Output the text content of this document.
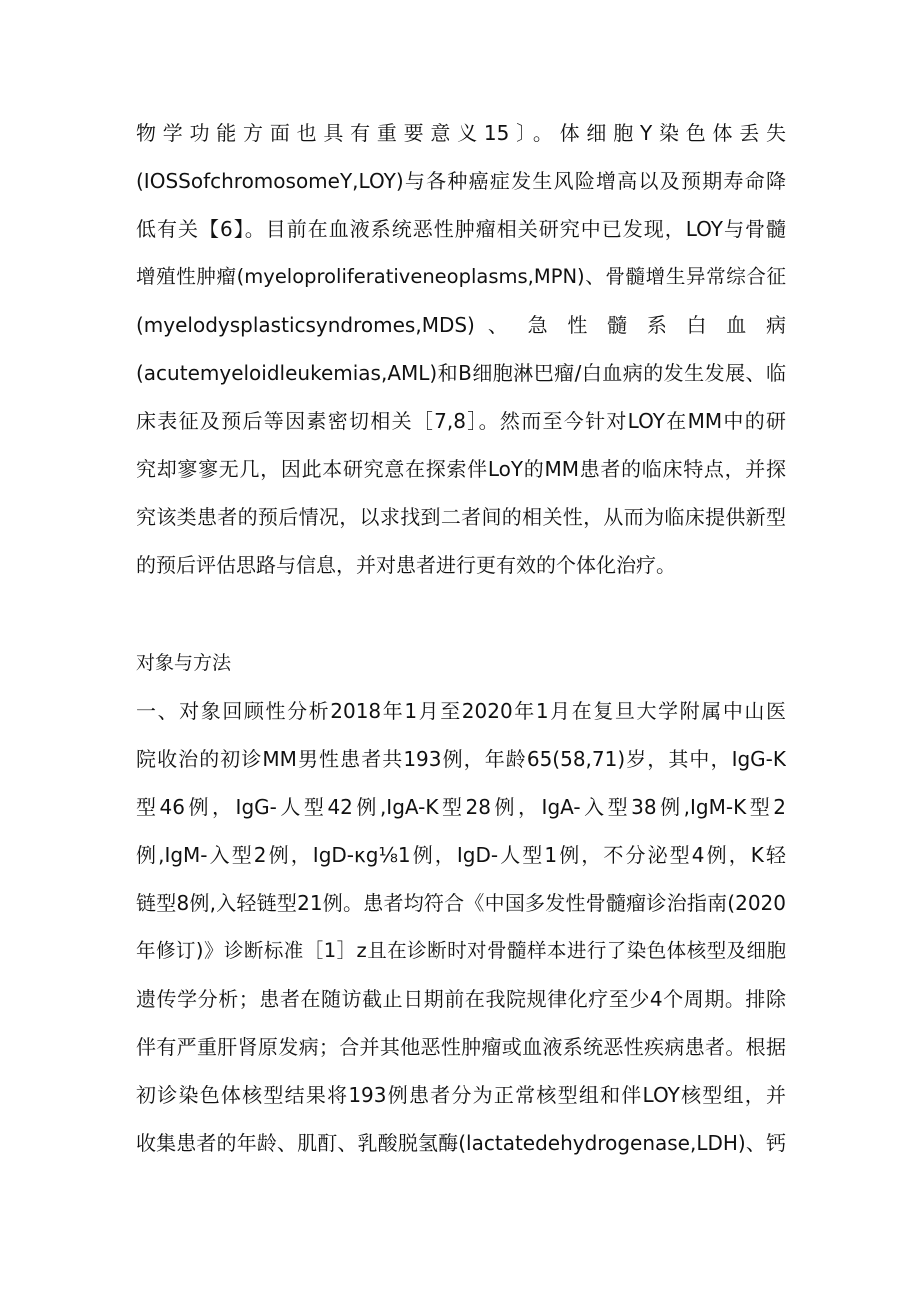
物学功能方面也具有重要意义15〕。体细胞Y染色体丢失
(IOSSofchromosomeY,LOY)与各种癌症发生风险增高以及预期寿命降
低有关【6】。目前在血液系统恶性肿瘤相关研究中已发现，LOY与骨髓
增殖性肿瘤(myeloproliferativeneoplasms,MPN)、骨髓增生异常综合征
(myelodysplasticsyndromes,MDS) 、 急 性 髓 系 白 血 病
(acutemyeloidleukemias,AML)和B细胞淋巴瘤/白血病的发生发展、临
床表征及预后等因素密切相关［7,8］。然而至今针对LOY在MM中的研
究却寥寥无几，因此本研究意在探索伴LoY的MM患者的临床特点，并探
究该类患者的预后情况，以求找到二者间的相关性，从而为临床提供新型
的预后评估思路与信息，并对患者进行更有效的个体化治疗。
对象与方法
一、对象回顾性分析2018年1月至2020年1月在复旦大学附属中山医
院收治的初诊MM男性患者共193例，年龄65(58,71)岁，其中，IgG-K
型46例，IgG-人型42例,IgA-K型28例，IgA-入型38例,IgM-K型2
例,IgM-入型2例，IgD-κg⅛1例，IgD-人型1例，不分泌型4例，K轻
链型8例,入轻链型21例。患者均符合《中国多发性骨髓瘤诊治指南(2020
年修订)》诊断标准［1］z且在诊断时对骨髓样本进行了染色体核型及细胞
遗传学分析；患者在随访截止日期前在我院规律化疗至少4个周期。排除
伴有严重肝肾原发病；合并其他恶性肿瘤或血液系统恶性疾病患者。根据
初诊染色体核型结果将193例患者分为正常核型组和伴LOY核型组，并
收集患者的年龄、肌酊、乳酸脱氢酶(lactatedehydrogenase,LDH)、钙
